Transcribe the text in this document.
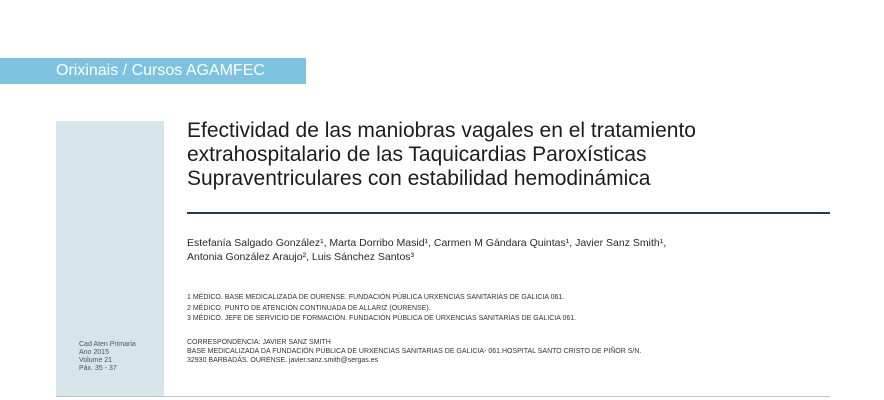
Orixinais / Cursos AGAMFEC
Cad Aten Primaria
Ano 2015
Volume 21
Páx. 35 - 37
Efectividad de las maniobras vagales en el tratamiento
extrahospitalario de las Taquicardias Paroxísticas
Supraventriculares con estabilidad hemodinámica
Estefanía Salgado González¹, Marta Dorribo Masid¹, Carmen M Gándara Quintas¹, Javier Sanz Smith¹,
Antonia González Araujo², Luis Sánchez Santos³
1 MÉDICO. BASE MEDICALIZADA DE OURENSE. FUNDACIÓN PÚBLICA URXENCIAS SANITARIAS DE GALICIA 061.
2 MÉDICO. PUNTO DE ATENCIÓN CONTINUADA DE ALLARIZ (OURENSE).
3 MÉDICO. JEFE DE SERVICIO DE FORMACIÓN. FUNDACIÓN PÚBLICA DE URXENCIAS SANITARIAS DE GALICIA 061.
CORRESPONDENCIA: JAVIER SANZ SMITH
BASE MEDICALIZADA DA FUNDACIÓN PÚBLICA DE URXENCIAS SANITARIAS DE GALICIA- 061.HOSPITAL SANTO CRISTO DE PIÑOR S/N.
32930 BARBADÁS. OURENSE. javier.sanz.smith@sergas.es
